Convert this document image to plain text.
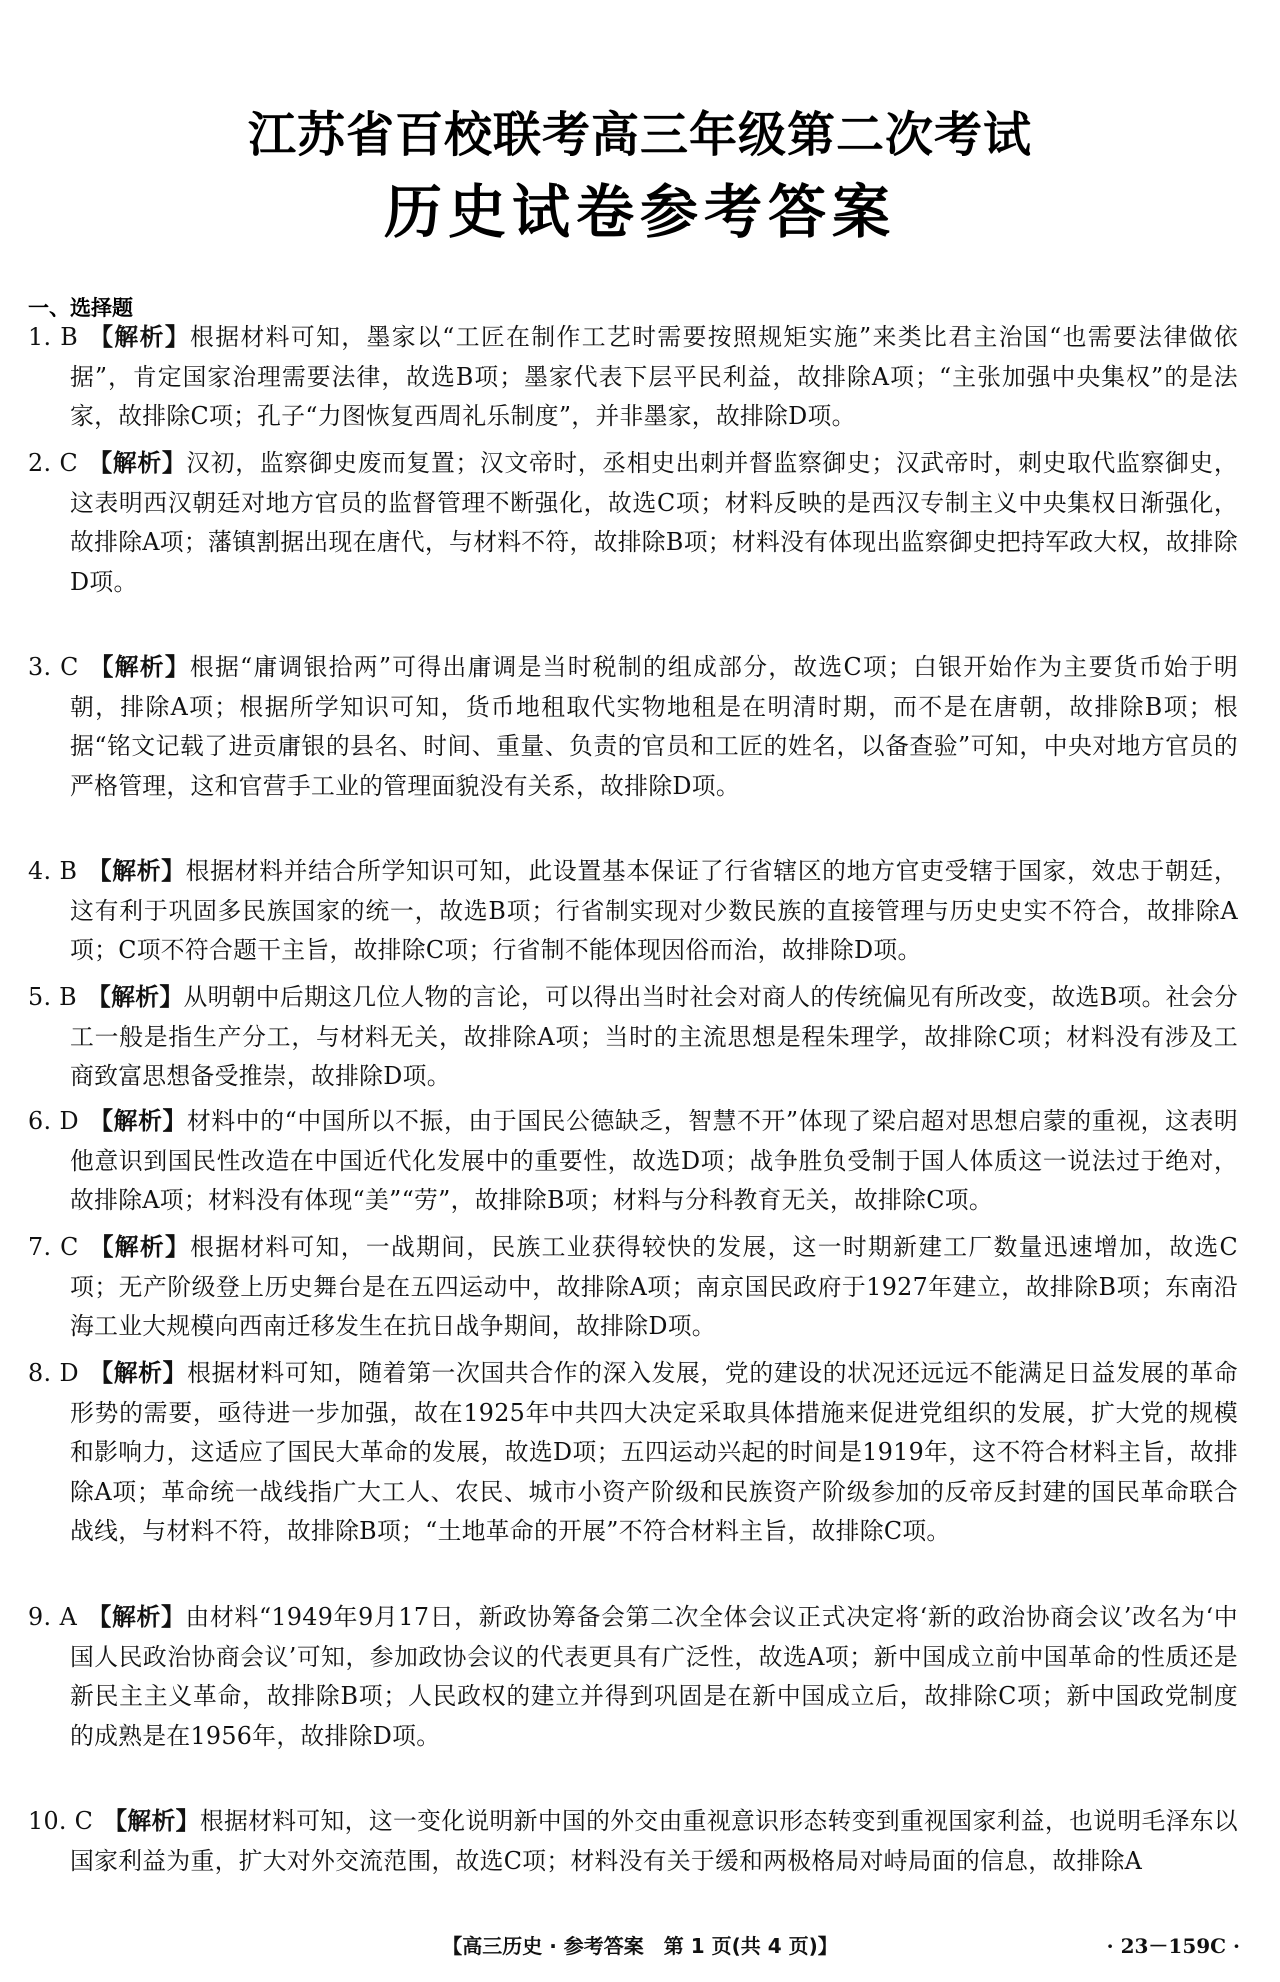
江苏省百校联考高三年级第二次考试
历史试卷参考答案
一、选择题
1. B 【解析】根据材料可知，墨家以“工匠在制作工艺时需要按照规矩实施”来类比君主治国“也需要法律做依据”，肯定国家治理需要法律，故选B项；墨家代表下层平民利益，故排除A项；“主张加强中央集权”的是法家，故排除C项；孔子“力图恢复西周礼乐制度”，并非墨家，故排除D项。
2. C 【解析】汉初，监察御史废而复置；汉文帝时，丞相史出刺并督监察御史；汉武帝时，刺史取代监察御史，这表明西汉朝廷对地方官员的监督管理不断强化，故选C项；材料反映的是西汉专制主义中央集权日渐强化，故排除A项；藩镇割据出现在唐代，与材料不符，故排除B项；材料没有体现出监察御史把持军政大权，故排除D项。
3. C 【解析】根据“庸调银拾两”可得出庸调是当时税制的组成部分，故选C项；白银开始作为主要货币始于明朝，排除A项；根据所学知识可知，货币地租取代实物地租是在明清时期，而不是在唐朝，故排除B项；根据“铭文记载了进贡庸银的县名、时间、重量、负责的官员和工匠的姓名，以备查验”可知，中央对地方官员的严格管理，这和官营手工业的管理面貌没有关系，故排除D项。
4. B 【解析】根据材料并结合所学知识可知，此设置基本保证了行省辖区的地方官吏受辖于国家，效忠于朝廷，这有利于巩固多民族国家的统一，故选B项；行省制实现对少数民族的直接管理与历史史实不符合，故排除A项；C项不符合题干主旨，故排除C项；行省制不能体现因俗而治，故排除D项。
5. B 【解析】从明朝中后期这几位人物的言论，可以得出当时社会对商人的传统偏见有所改变，故选B项。社会分工一般是指生产分工，与材料无关，故排除A项；当时的主流思想是程朱理学，故排除C项；材料没有涉及工商致富思想备受推崇，故排除D项。
6. D 【解析】材料中的“中国所以不振，由于国民公德缺乏，智慧不开”体现了梁启超对思想启蒙的重视，这表明他意识到国民性改造在中国近代化发展中的重要性，故选D项；战争胜负受制于国人体质这一说法过于绝对，故排除A项；材料没有体现“美”“劳”，故排除B项；材料与分科教育无关，故排除C项。
7. C 【解析】根据材料可知，一战期间，民族工业获得较快的发展，这一时期新建工厂数量迅速增加，故选C项；无产阶级登上历史舞台是在五四运动中，故排除A项；南京国民政府于1927年建立，故排除B项；东南沿海工业大规模向西南迁移发生在抗日战争期间，故排除D项。
8. D 【解析】根据材料可知，随着第一次国共合作的深入发展，党的建设的状况还远远不能满足日益发展的革命形势的需要，亟待进一步加强，故在1925年中共四大决定采取具体措施来促进党组织的发展，扩大党的规模和影响力，这适应了国民大革命的发展，故选D项；五四运动兴起的时间是1919年，这不符合材料主旨，故排除A项；革命统一战线指广大工人、农民、城市小资产阶级和民族资产阶级参加的反帝反封建的国民革命联合战线，与材料不符，故排除B项；“土地革命的开展”不符合材料主旨，故排除C项。
9. A 【解析】由材料“1949年9月17日，新政协筹备会第二次全体会议正式决定将‘新的政治协商会议’改名为‘中国人民政治协商会议’可知，参加政协会议的代表更具有广泛性，故选A项；新中国成立前中国革命的性质还是新民主主义革命，故排除B项；人民政权的建立并得到巩固是在新中国成立后，故排除C项；新中国政党制度的成熟是在1956年，故排除D项。
10. C 【解析】根据材料可知，这一变化说明新中国的外交由重视意识形态转变到重视国家利益，也说明毛泽东以国家利益为重，扩大对外交流范围，故选C项；材料没有关于缓和两极格局对峙局面的信息，故排除A
【高三历史 · 参考答案　第 1 页(共 4 页)】	· 23－159C ·
